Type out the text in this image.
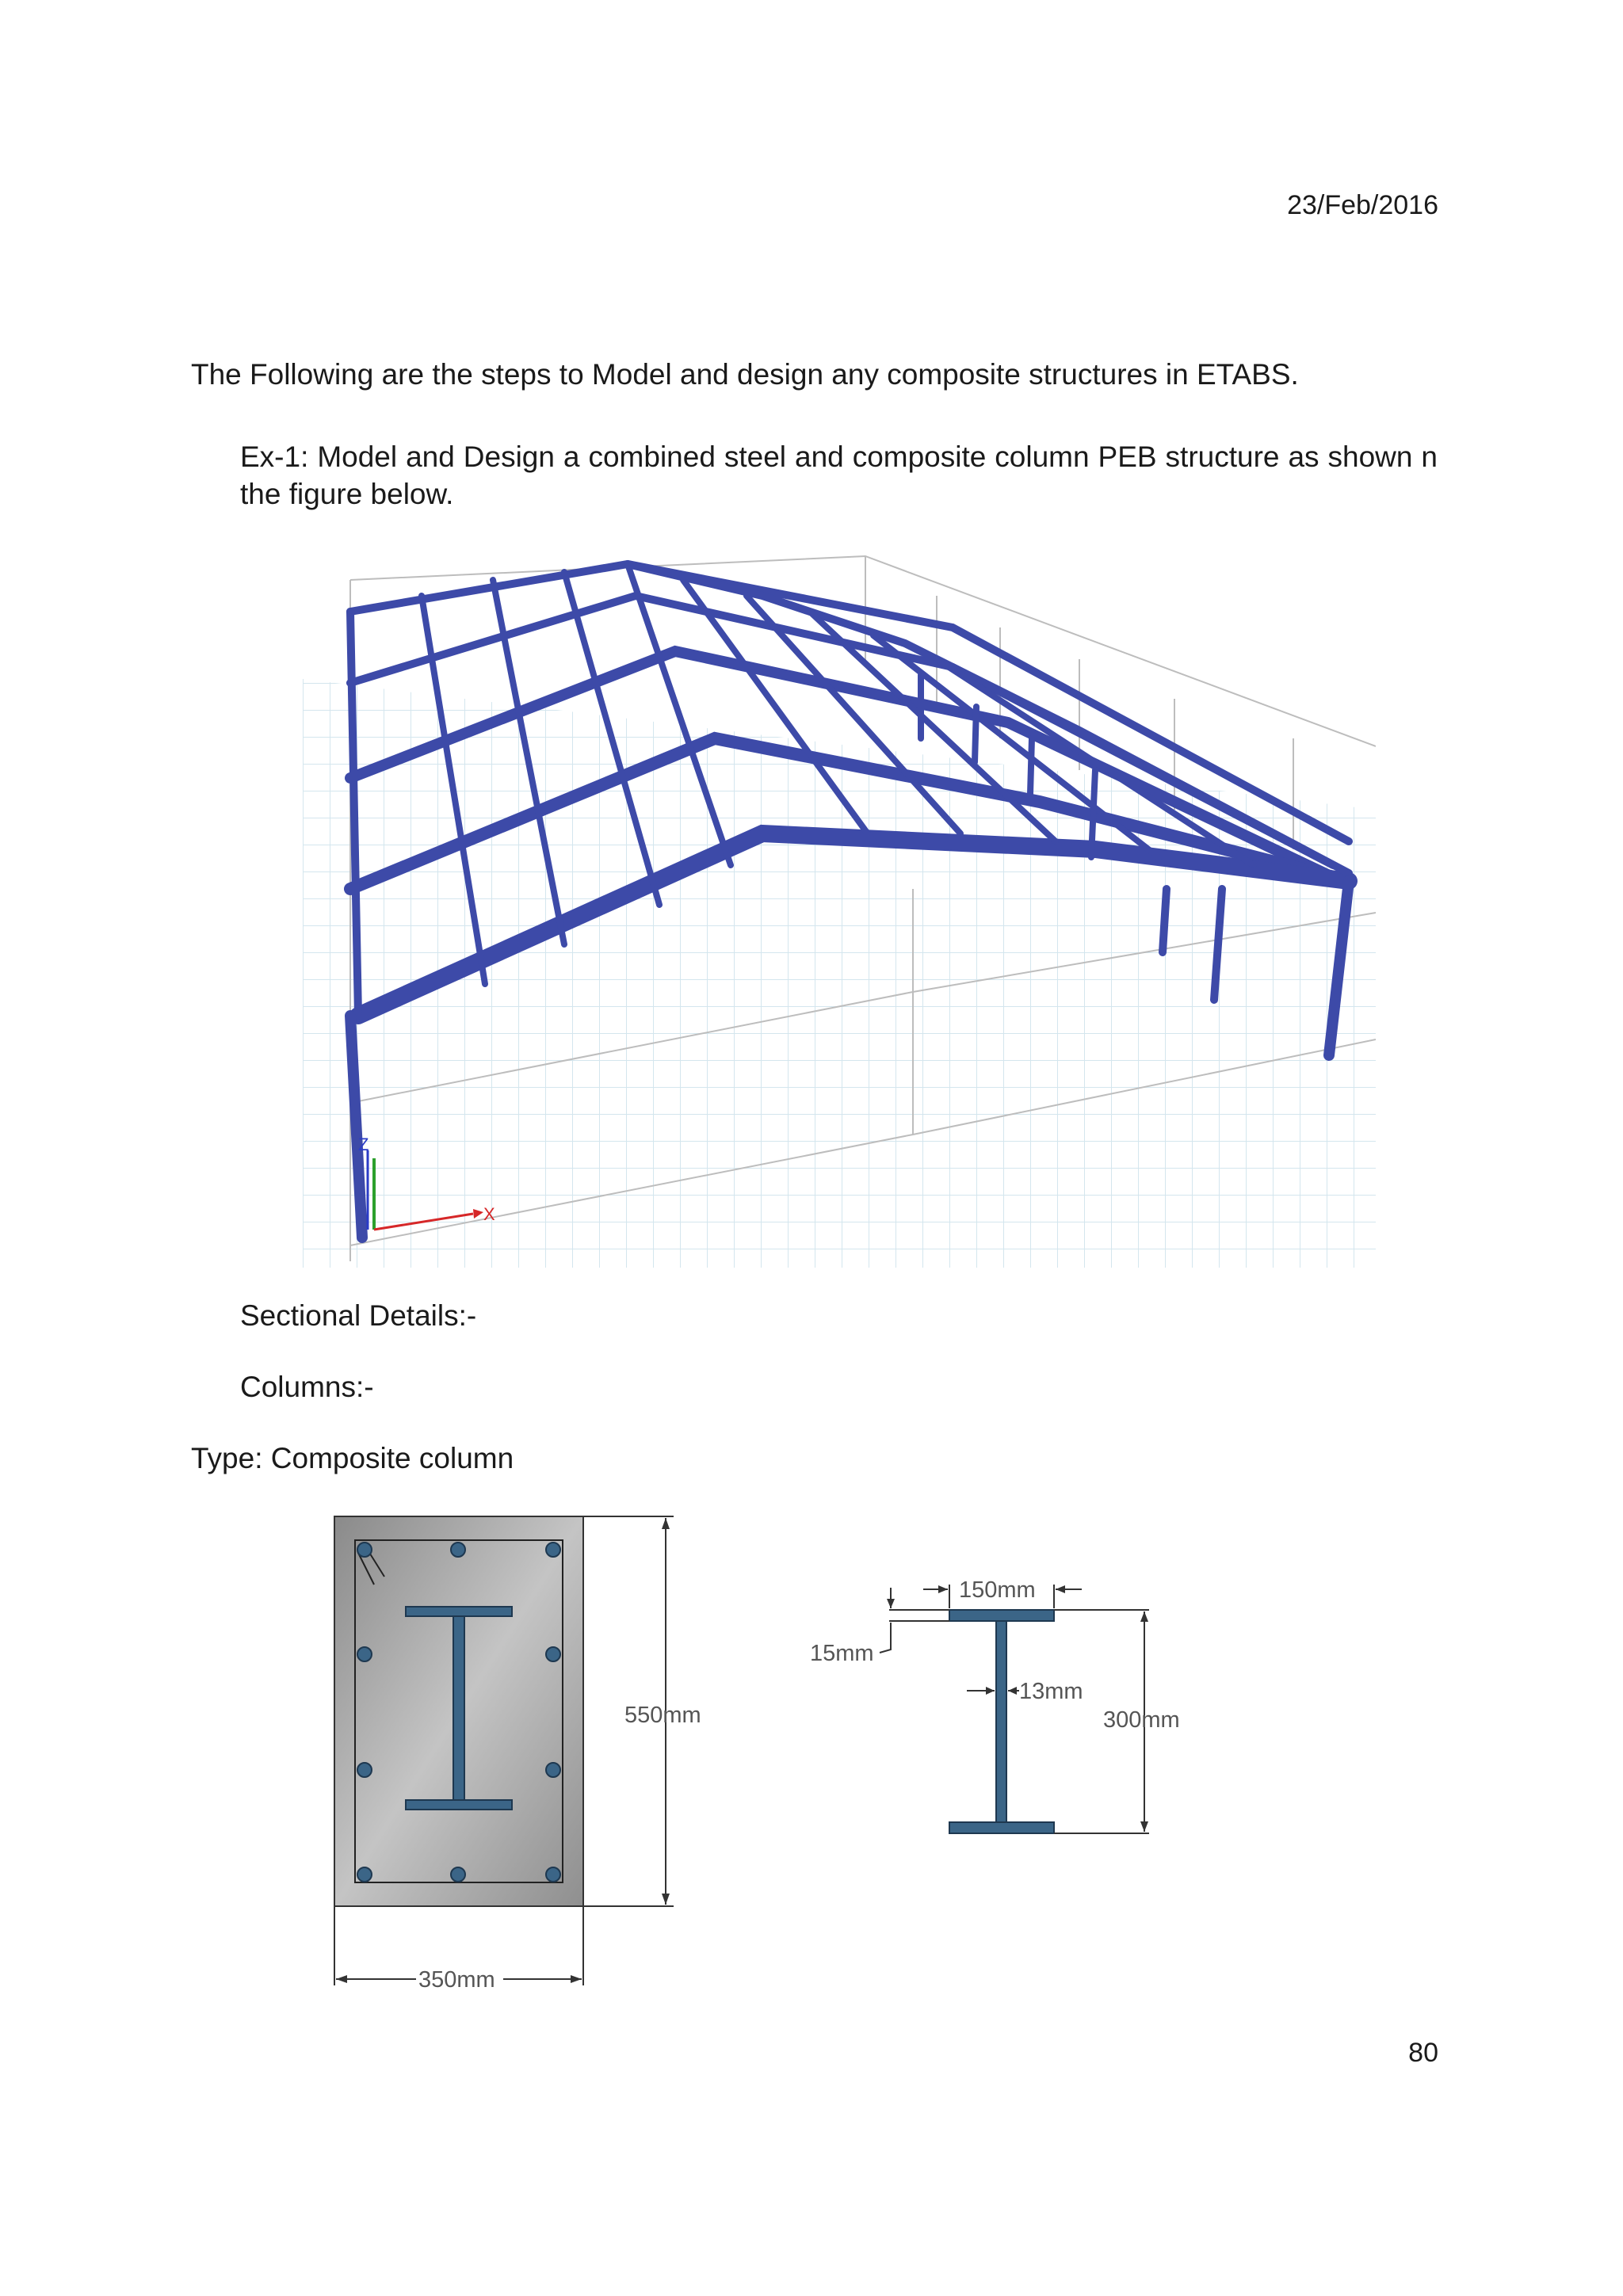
23/Feb/2016
The Following are the steps to Model and design any composite structures in ETABS.
Ex-1: Model and Design a combined steel and composite column PEB structure as shown n the figure below.
X
Z
Sectional Details:-
Columns:-
Type: Composite column
550mm
350mm
150mm
15mm
13mm
300mm
80
